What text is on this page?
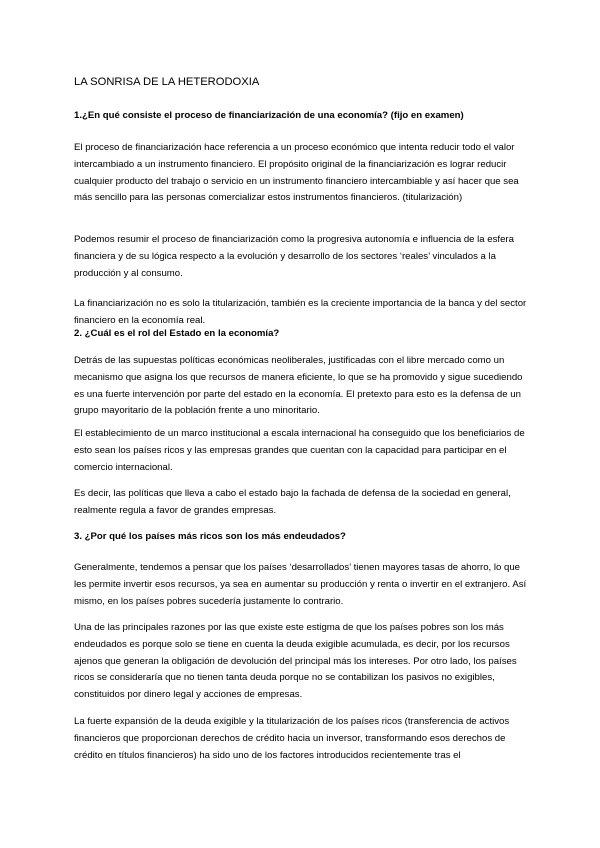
LA SONRISA DE LA HETERODOXIA
1.¿En qué consiste el proceso de financiarización de una economía? (fijo en examen)

El proceso de financiarización hace referencia a un proceso económico que intenta reducir todo el valor intercambiado a un instrumento financiero. El propósito original de la financiarización es lograr reducir cualquier producto del trabajo o servicio en un instrumento financiero intercambiable y así hacer que sea más sencillo para las personas comercializar estos instrumentos financieros. (titularización)

Podemos resumir el proceso de financiarización como la progresiva autonomía e influencia de la esfera financiera y de su lógica respecto a la evolución y desarrollo de los sectores ‘reales’ vinculados a la producción y al consumo.

La financiarización no es solo la titularización, también es la creciente importancia de la banca y del sector financiero en la economía real.

2. ¿Cuál es el rol del Estado en la economía?

Detrás de las supuestas políticas económicas neoliberales, justificadas con el libre mercado como un mecanismo que asigna los que recursos de manera eficiente, lo que se ha promovido y sigue sucediendo es una fuerte intervención por parte del estado en la economía. El pretexto para esto es la defensa de un grupo mayoritario de la población frente a uno minoritario.

El establecimiento de un marco institucional a escala internacional ha conseguido que los beneficiarios de esto sean los países ricos y las empresas grandes que cuentan con la capacidad para participar en el comercio internacional.

Es decir, las políticas que lleva a cabo el estado bajo la fachada de defensa de la sociedad en general, realmente regula a favor de grandes empresas.

3. ¿Por qué los países más ricos son los más endeudados?

Generalmente, tendemos a pensar que los países ‘desarrollados’ tienen mayores tasas de ahorro, lo que les permite invertir esos recursos, ya sea en aumentar su producción y renta o invertir en el extranjero. Así mismo, en los países pobres sucedería justamente lo contrario.

Una de las principales razones por las que existe este estigma de que los países pobres son los más endeudados es porque solo se tiene en cuenta la deuda exigible acumulada, es decir, por los recursos ajenos que generan la obligación de devolución del principal más los intereses. Por otro lado, los países ricos se consideraría que no tienen tanta deuda porque no se contabilizan los pasivos no exigibles, constituidos por dinero legal y acciones de empresas.

La fuerte expansión de la deuda exigible y la titularización de los países ricos (transferencia de activos financieros que proporcionan derechos de crédito hacia un inversor, transformando esos derechos de crédito en títulos financieros) ha sido uno de los factores introducidos recientemente tras el
